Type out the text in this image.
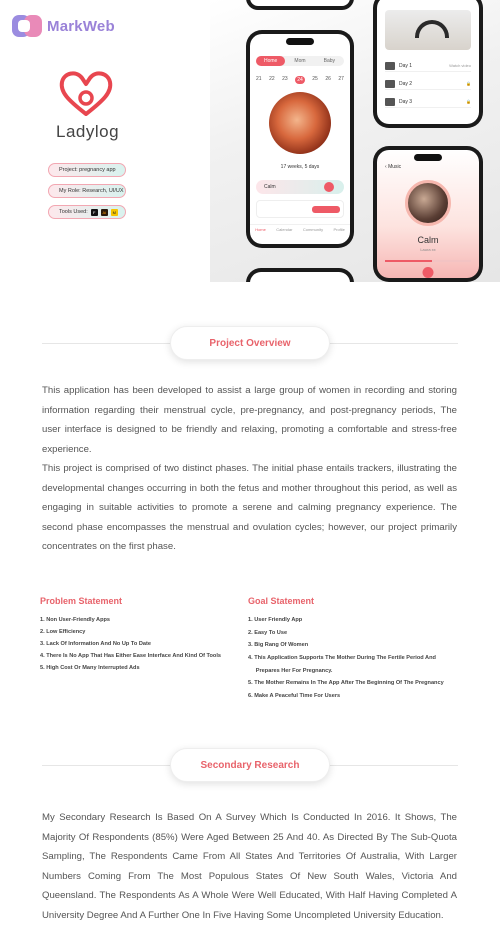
MarkWeb
Ladylog
Project: pregnancy app
My Role: Research, UI/UX
Tools Used:	F	Ai	M
Home	Mom	Baby
21 22 23	24	25 26 27
17 weeks, 5 days
Calm
Home	Calendar	Community	Profile
Day 1	Watch video
Day 2	🔒
Day 3	🔒
‹ Music
Calm
Laura xx
Project Overview

This application has been developed to assist a large group of women in recording and storing information regarding their menstrual cycle, pre-pregnancy, and post-pregnancy periods, The user interface is designed to be friendly and relaxing, promoting a comfortable and stress-free experience.

This project is comprised of two distinct phases. The initial phase entails trackers, illustrating the developmental changes occurring in both the fetus and mother throughout this period, as well as engaging in suitable activities to promote a serene and calming pregnancy experience. The second phase encompasses the menstrual and ovulation cycles; however, our project primarily concentrates on the first phase.

Problem Statement
1. Non User-Friendly Apps
2. Low Efficiency
3. Lack Of Information And No Up To Date
4. There Is No App That Has Either Ease Interface And Kind Of Tools
5. High Cost Or Many Interrupted Ads
Goal Statement
1. User Friendly App
2. Easy To Use
3. Big Rang Of Women
4. This Application Supports The Mother During The Fertile Period And
Prepares Her For Pregnancy.
5. The Mother Remains In The App After The Beginning Of The Pregnancy
6. Make A Peaceful Time For Users
Secondary Research

My Secondary Research Is Based On A Survey Which Is Conducted In 2016. It Shows, The Majority Of Respondents (85%) Were Aged Between 25 And 40. As Directed By The Sub-Quota Sampling, The Respondents Came From All States And Territories Of Australia, With Larger Numbers Coming From The Most Populous States Of New South Wales, Victoria And Queensland. The Respondents As A Whole Were Well Educated, With Half Having Completed A University Degree And A Further One In Five Having Some Uncompleted University Education.
